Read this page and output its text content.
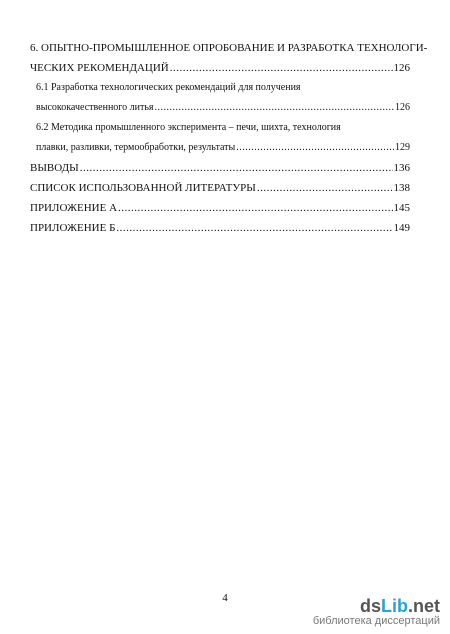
6. ОПЫТНО-ПРОМЫШЛЕННОЕ ОПРОБОВАНИЕ И РАЗРАБОТКА ТЕХНОЛОГИ-
ЧЕСКИХ РЕКОМЕНДАЦИЙ .....	126
6.1 Разработка технологических рекомендаций для получения
высококачественного литья .....	126
6.2 Методика промышленного эксперимента – печи, шихта, технология
плавки, разливки, термообработки, результаты .....	129
ВЫВОДЫ .....	136
СПИСОК ИСПОЛЬЗОВАННОЙ ЛИТЕРАТУРЫ .....	138
ПРИЛОЖЕНИЕ А .....	145
ПРИЛОЖЕНИЕ Б .....	149
4	dsLib.net
библиотека диссертаций
